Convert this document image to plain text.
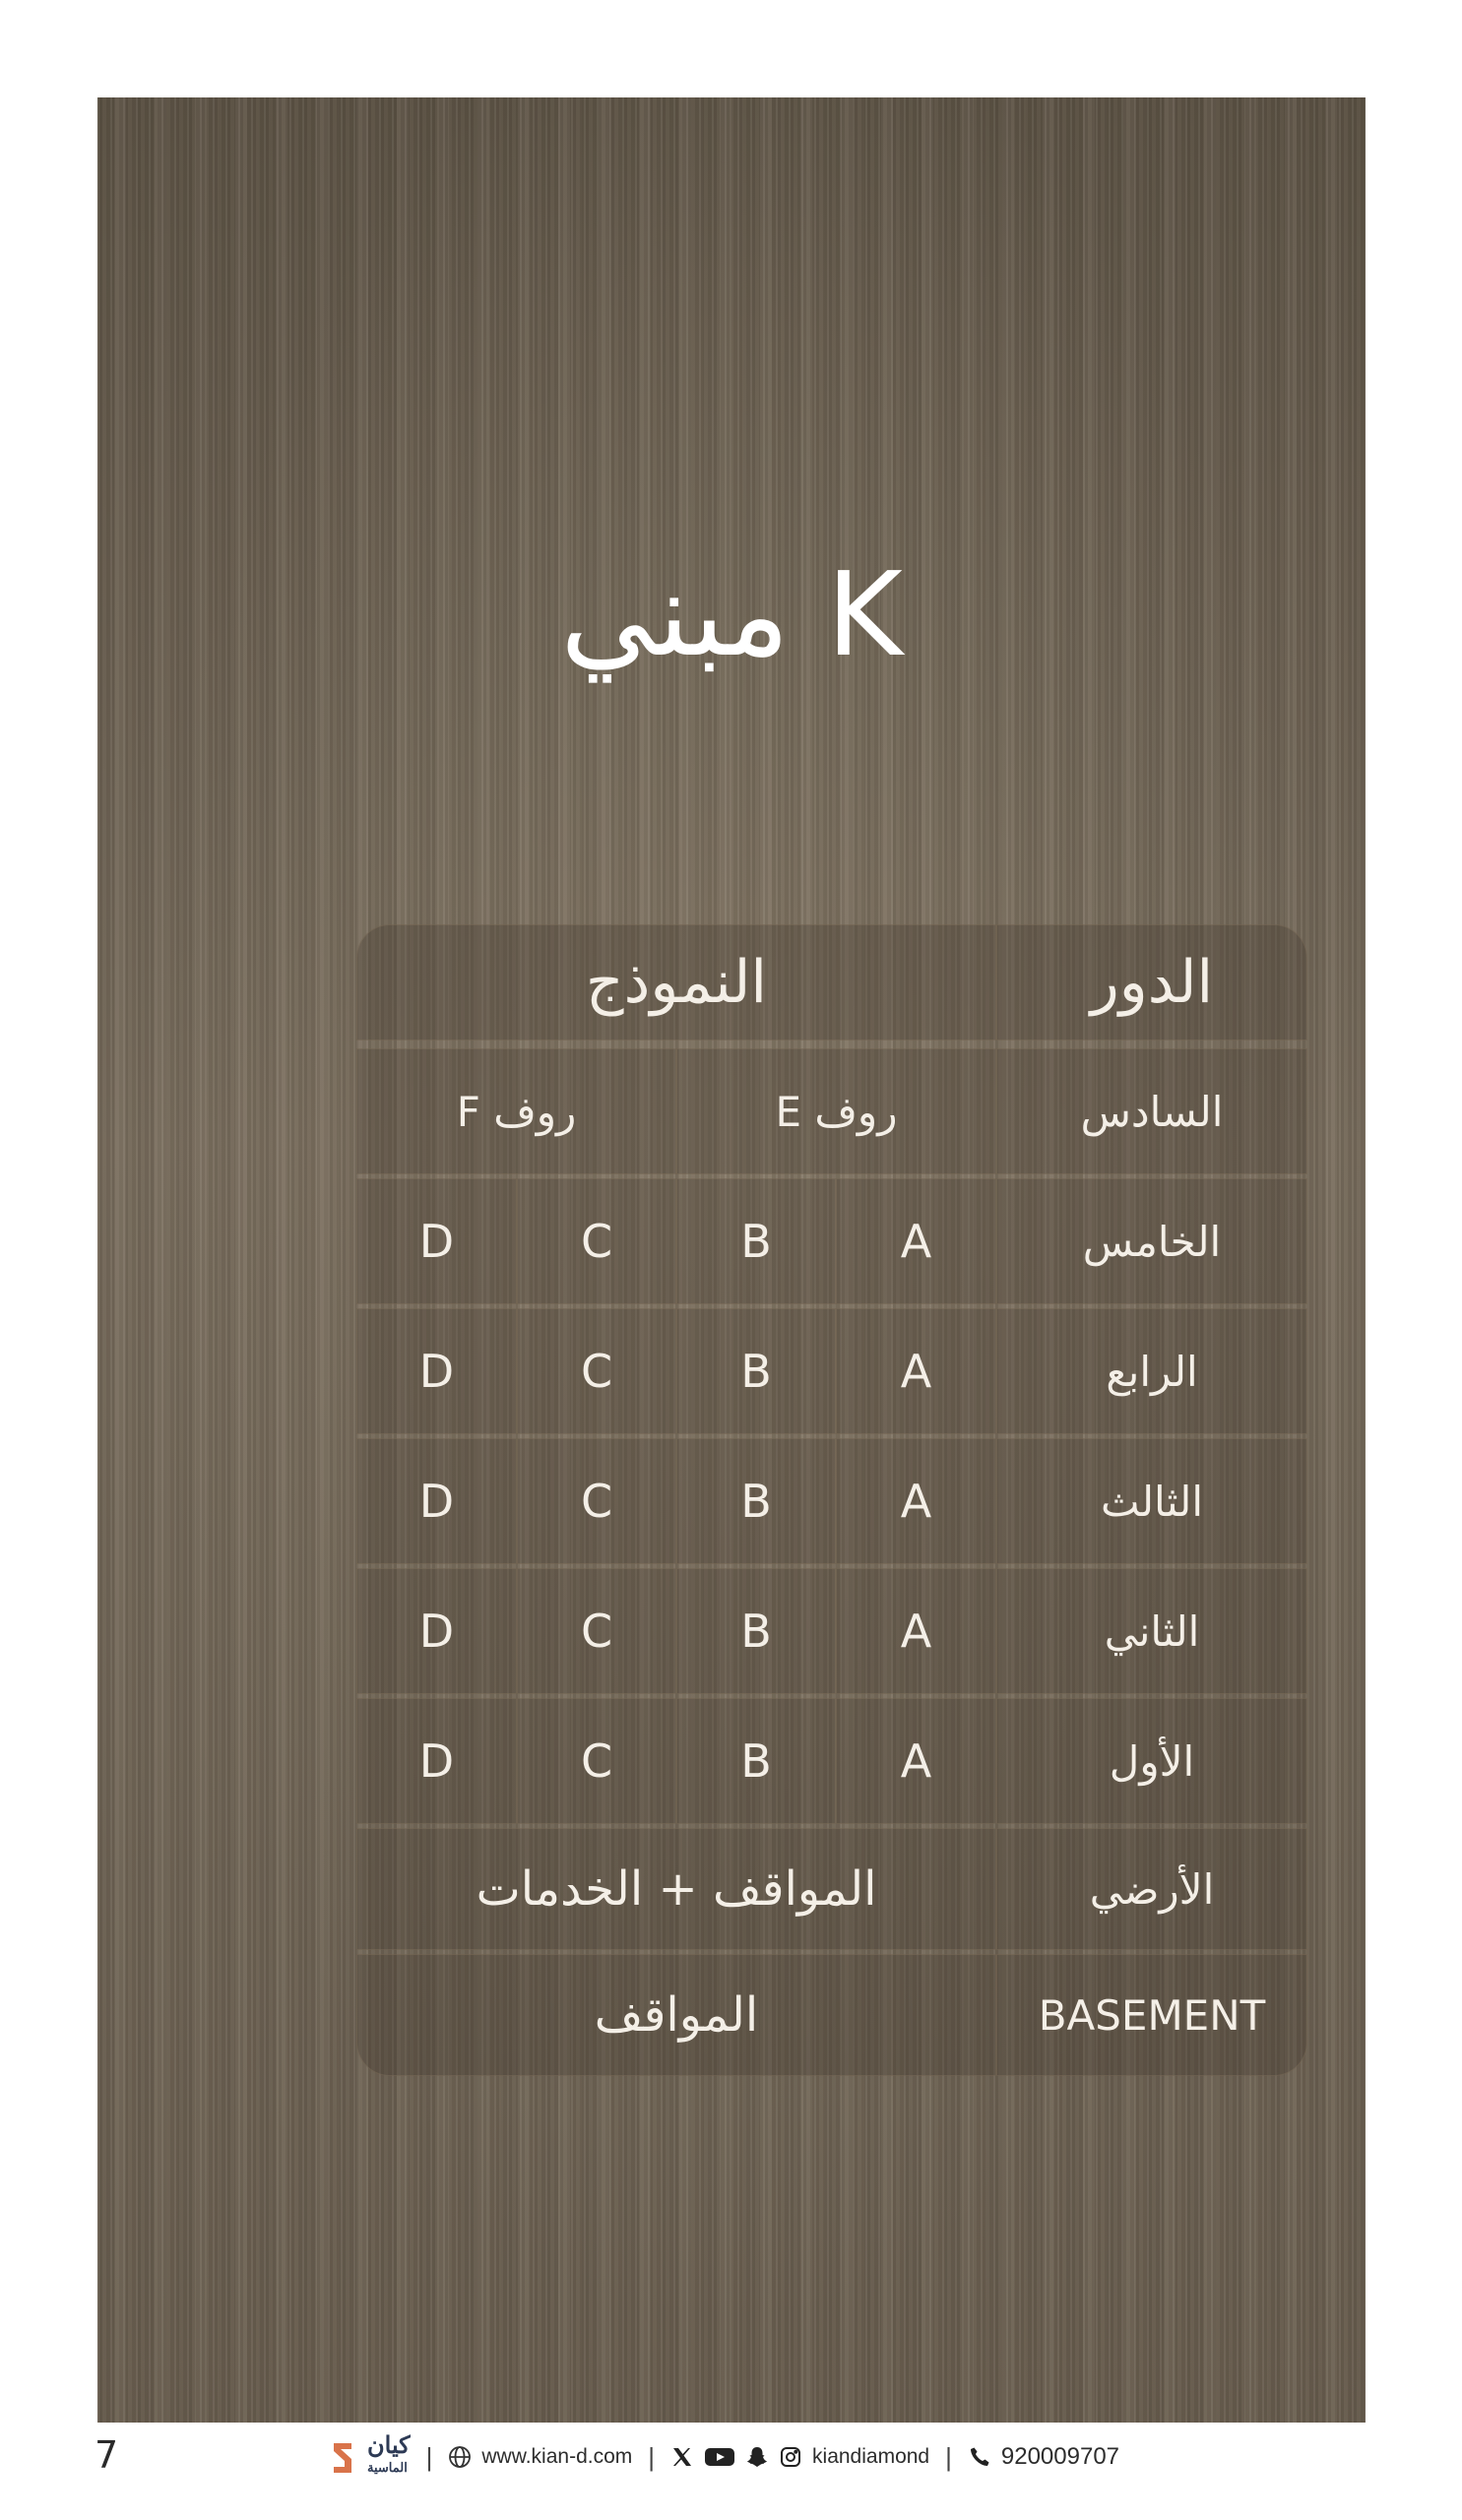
مبني K
الدور
النموذج
السادس
روف E
روف F
الخامس
A
B
C
D
الرابع
A
B
C
D
الثالث
A
B
C
D
الثاني
A
B
C
D
الأول
A
B
C
D
الأرضي
المواقف + الخدمات
BASEMENT
المواقف
7	كيان
الماسية | www.kian-d.com |	kiandiamond | 920009707
